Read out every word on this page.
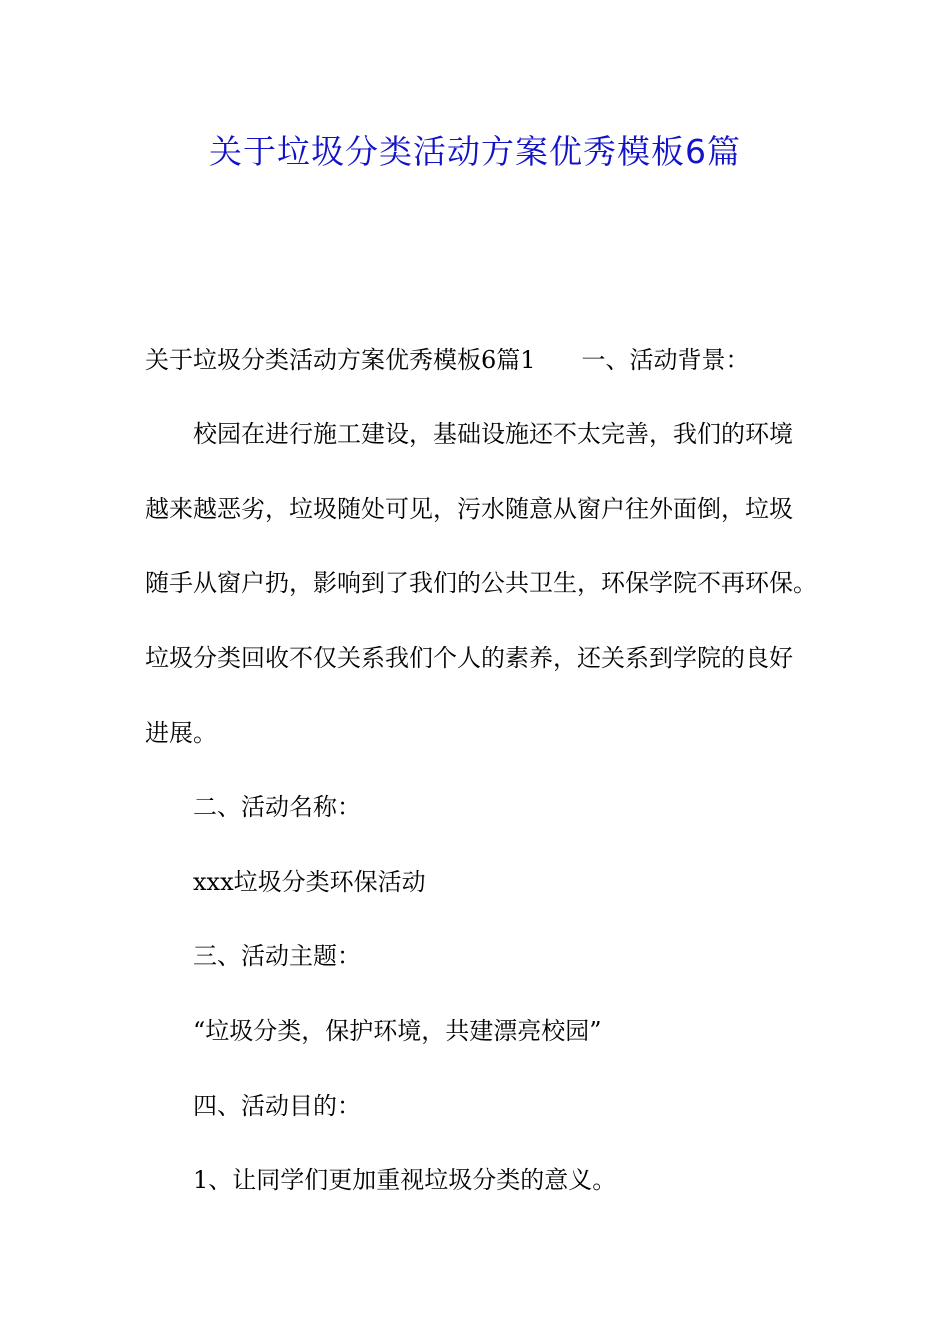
关于垃圾分类活动方案优秀模板6篇

关于垃圾分类活动方案优秀模板6篇1 一、活动背景：

校园在进行施工建设，基础设施还不太完善，我们的环境

越来越恶劣，垃圾随处可见，污水随意从窗户往外面倒，垃圾

随手从窗户扔，影响到了我们的公共卫生，环保学院不再环保。

垃圾分类回收不仅关系我们个人的素养，还关系到学院的良好

进展。

二、活动名称：

xxx垃圾分类环保活动

三、活动主题：

“垃圾分类，保护环境，共建漂亮校园”

四、活动目的：

1、让同学们更加重视垃圾分类的意义。
